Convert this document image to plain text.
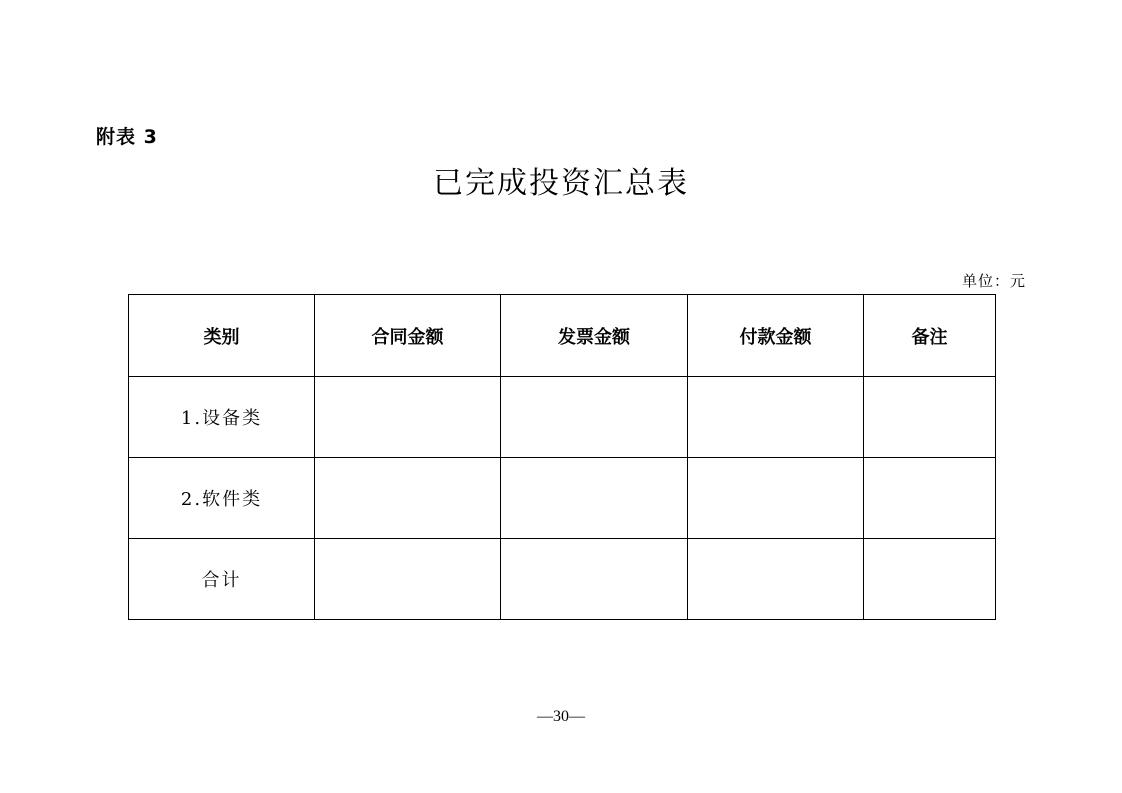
附表 3
已完成投资汇总表
单位：元
类别	合同金额	发票金额	付款金额	备注
1.设备类				
2.软件类				
合计				
—30—
